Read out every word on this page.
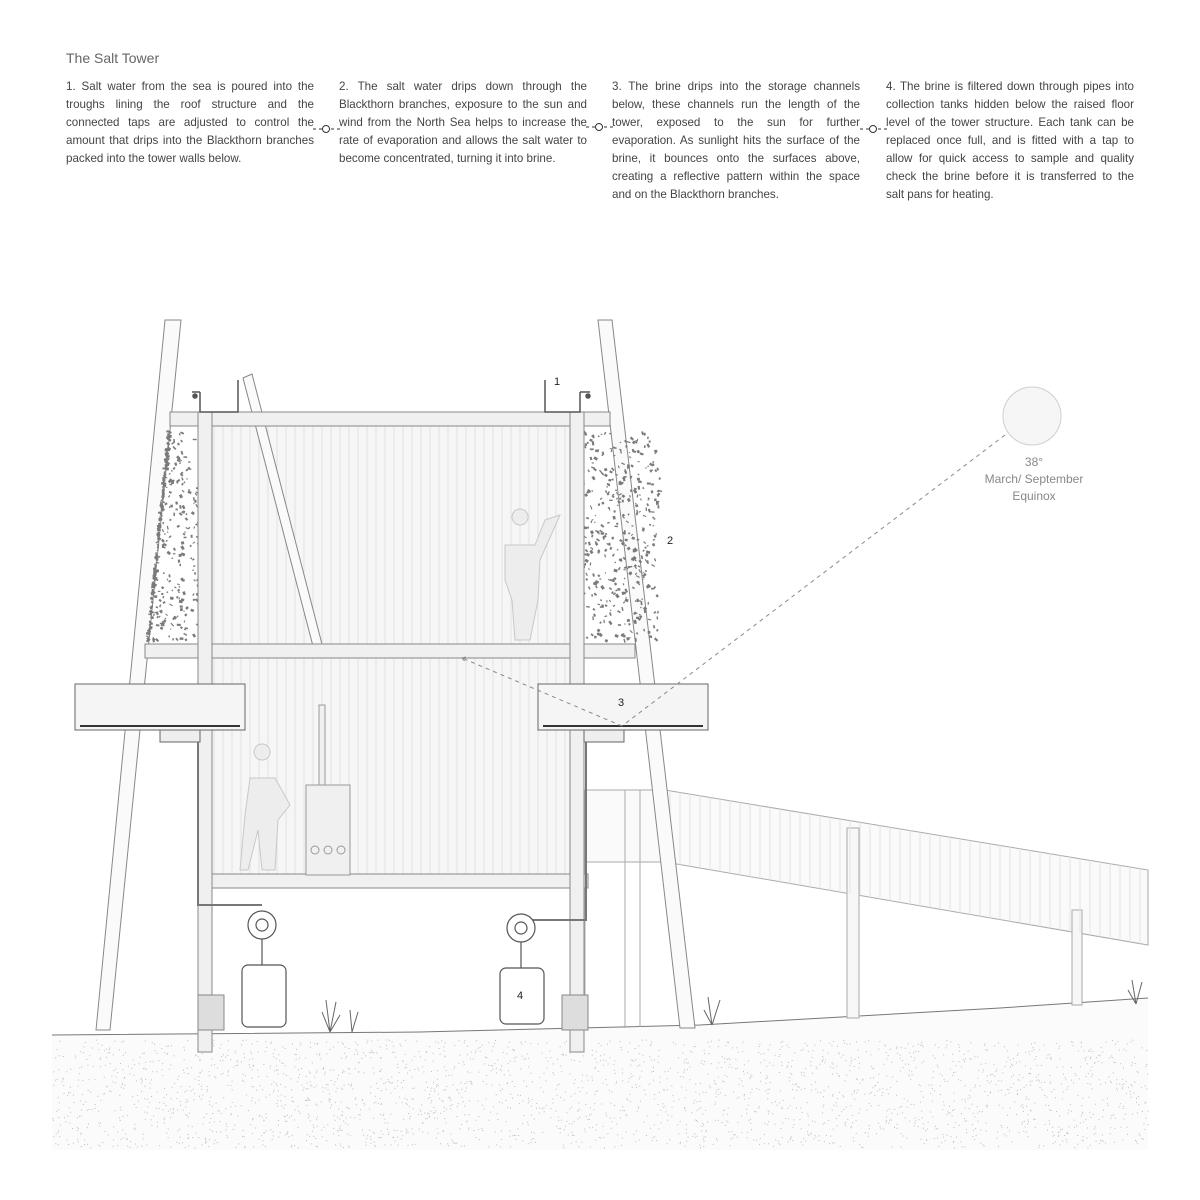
The Salt Tower
1. Salt water from the sea is poured into the troughs lining the roof structure and the connected taps are adjusted to control the amount that drips into the Blackthorn branches packed into the tower walls below.
2. The salt water drips down through the Blackthorn branches, exposure to the sun and wind from the North Sea helps to increase the rate of evaporation and allows the salt water to become concentrated, turning it into brine.
3. The brine drips into the storage channels below, these channels run the length of the tower, exposed to the sun for further evaporation. As sunlight hits the surface of the brine, it bounces onto the surfaces above, creating a reflective pattern within the space and on the Blackthorn branches.
4. The brine is filtered down through pipes into collection tanks hidden below the raised floor level of the tower structure. Each tank can be replaced once full, and is fitted with a tap to allow for quick access to sample and quality check the brine before it is transferred to the salt pans for heating.
38°
March/ September
Equinox
1
2
3
4
